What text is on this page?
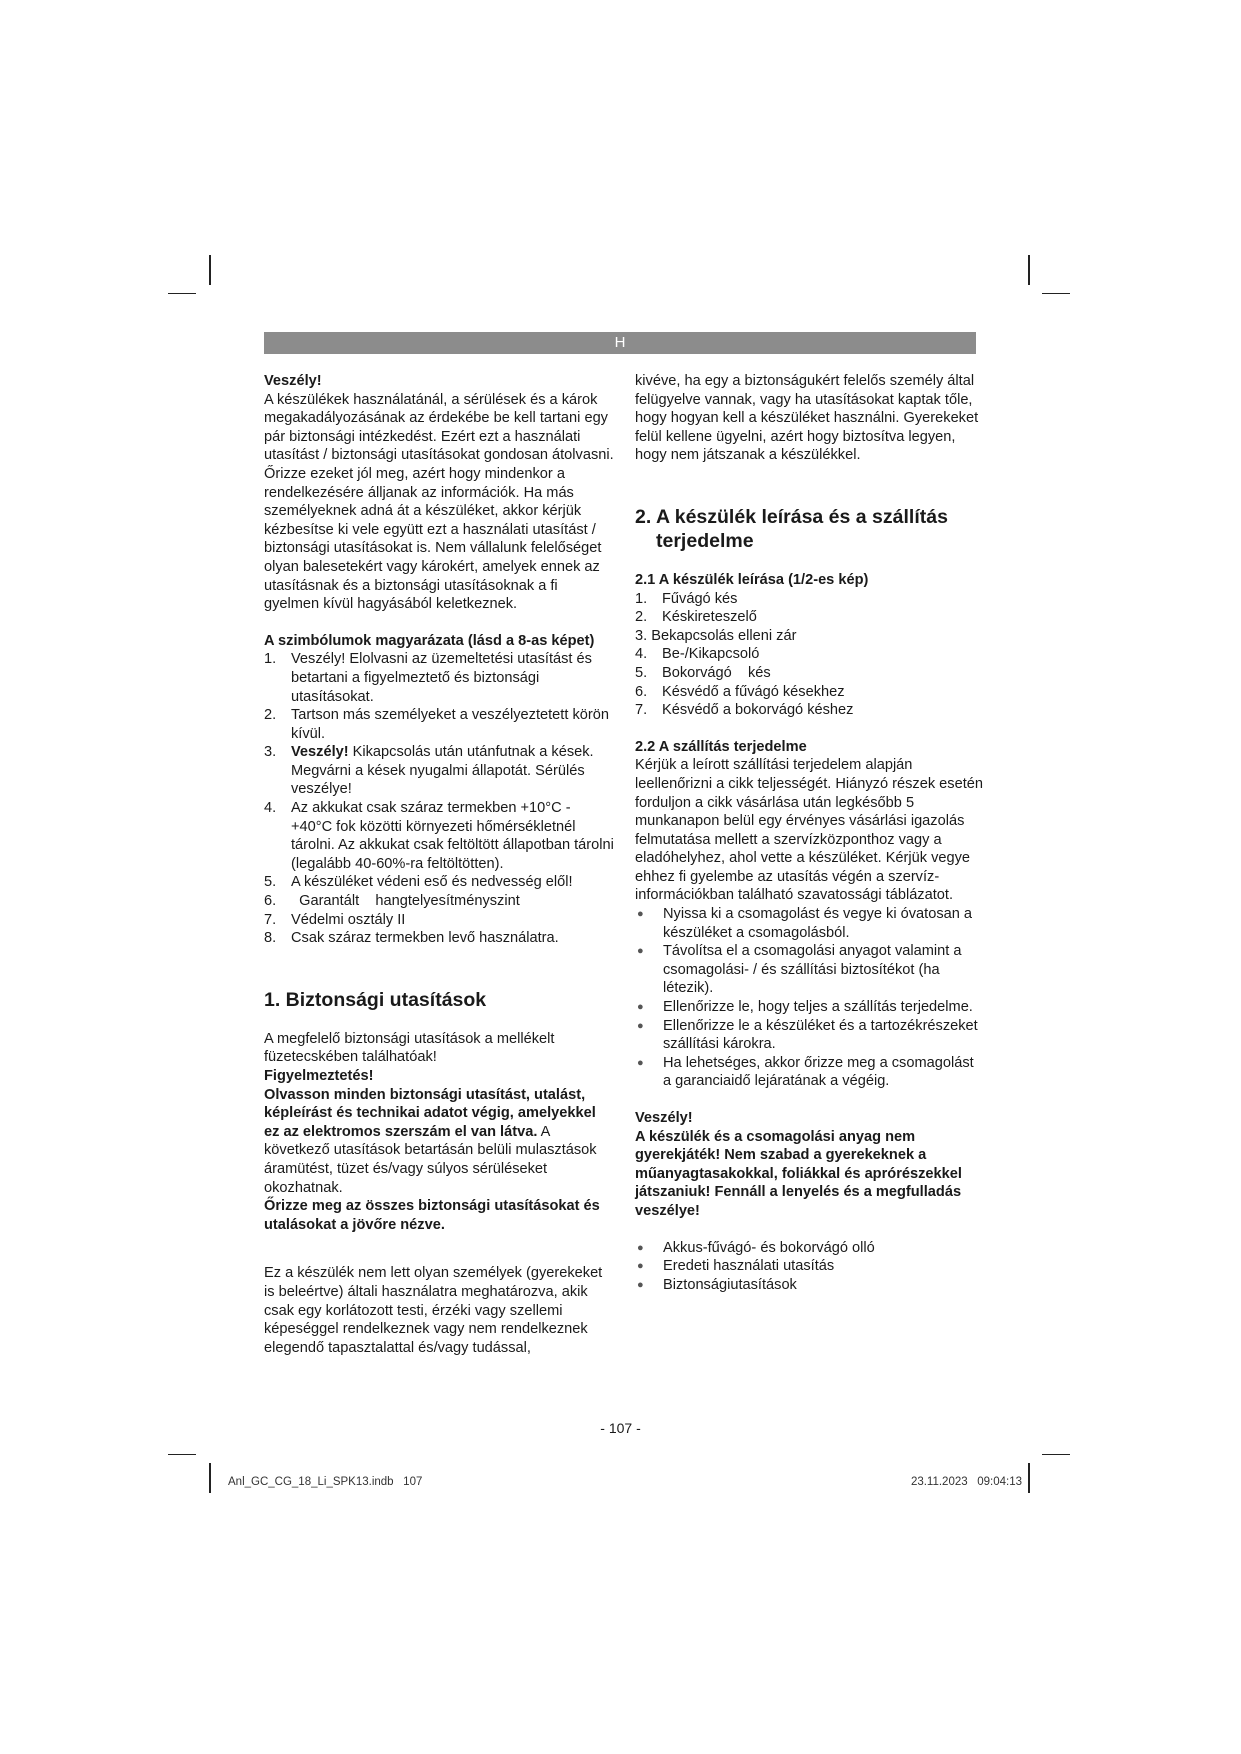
H

Veszély!

A készülékek használatánál, a sérülések és a károk megakadályozásának az érdekébe be kell tartani egy pár biztonsági intézkedést. Ezért ezt a használati utasítást / biztonsági utasításokat gondosan átolvasni. Őrizze ezeket jól meg, azért hogy mindenkor a rendelkezésére álljanak az információk. Ha más személyeknek adná át a készüléket, akkor kérjük kézbesítse ki vele együtt ezt a használati utasítást / biztonsági utasításokat is. Nem vállalunk felelőséget olyan balesetekért vagy károkért, amelyek ennek az utasításnak és a biztonsági utasításoknak a fi gyelmen kívül hagyásából keletkeznek.

A szimbólumok magyarázata (lásd a 8-as képet)

1. Veszély! Elolvasni az üzemeltetési utasítást és betartani a figyelmeztető és biztonsági utasításokat.
2. Tartson más személyeket a veszélyeztetett körön kívül.
3. Veszély! Kikapcsolás után utánfutnak a kések. Megvárni a kések nyugalmi állapotát. Sérülés veszélye!
4. Az akkukat csak száraz termekben +10°C - +40°C fok közötti környezeti hőmérsékletnél tárolni. Az akkukat csak feltöltött állapotban tárolni (legalább 40-60%-ra feltöltötten).
5. A készüléket védeni eső és nedvesség elől!
6. Garantált    hangtelyesítményszint
7. Védelmi osztály II
8. Csak száraz termekben levő használatra.

1. Biztonsági utasítások

A megfelelő biztonsági utasítások a mellékelt füzetecskében találhatóak!

Figyelmeztetés!

Olvasson minden biztonsági utasítást, utalást, képleírást és technikai adatot végig, amelyekkel ez az elektromos szerszám el van látva. A következő utasítások betartásán belüli mulasztások áramütést, tüzet és/vagy súlyos sérüléseket okozhatnak.

Őrizze meg az összes biztonsági utasításokat és utalásokat a jövőre nézve.

Ez a készülék nem lett olyan személyek (gyerekeket is beleértve) általi használatra meghatározva, akik csak egy korlátozott testi, érzéki vagy szellemi képeséggel rendelkeznek vagy nem rendelkeznek elegendő tapasztalattal és/vagy tudással,

kivéve, ha egy a biztonságukért felelős személy által felügyelve vannak, vagy ha utasításokat kaptak tőle, hogy hogyan kell a készüléket használni. Gyerekeket felül kellene ügyelni, azért hogy biztosítva legyen, hogy nem játszanak a készülékkel.

2. A készülék leírása és a szállítás
terjedelme

2.1 A készülék leírása (1/2-es kép)

1. Fűvágó kés
2. Késkireteszelő
3. Bekapcsolás elleni zár
4. Be-/Kikapcsoló
5. Bokorvágó    kés
6. Késvédő a fűvágó késekhez
7. Késvédő a bokorvágó késhez

2.2 A szállítás terjedelme

Kérjük a leírott szállítási terjedelem alapján leellenőrizni a cikk teljességét. Hiányzó részek esetén forduljon a cikk vásárlása után legkésőbb 5 munkanapon belül egy érvényes vásárlási igazolás felmutatása mellett a szervízközponthoz vagy a eladóhelyhez, ahol vette a készüléket. Kérjük vegye ehhez fi gyelembe az utasítás végén a szervíz-információkban található szavatossági táblázatot.

● Nyissa ki a csomagolást és vegye ki óvatosan a készüléket a csomagolásból.
● Távolítsa el a csomagolási anyagot valamint a csomagolási- / és szállítási biztosítékot (ha létezik).
● Ellenőrizze le, hogy teljes a szállítás terjedelme.
● Ellenőrizze le a készüléket és a tartozékrészeket szállítási károkra.
● Ha lehetséges, akkor őrizze meg a csomagolást a garanciaidő lejáratának a végéig.

Veszély!

A készülék és a csomagolási anyag nem gyerekjáték! Nem szabad a gyerekeknek a műanyagtasakokkal, foliákkal és aprórészekkel játszaniuk! Fennáll a lenyelés és a megfulladás veszélye!

● Akkus-fűvágó- és bokorvágó olló
● Eredeti használati utasítás
● Biztonságiutasítások
- 107 -
Anl_GC_CG_18_Li_SPK13.indb   107	23.11.2023   09:04:13
